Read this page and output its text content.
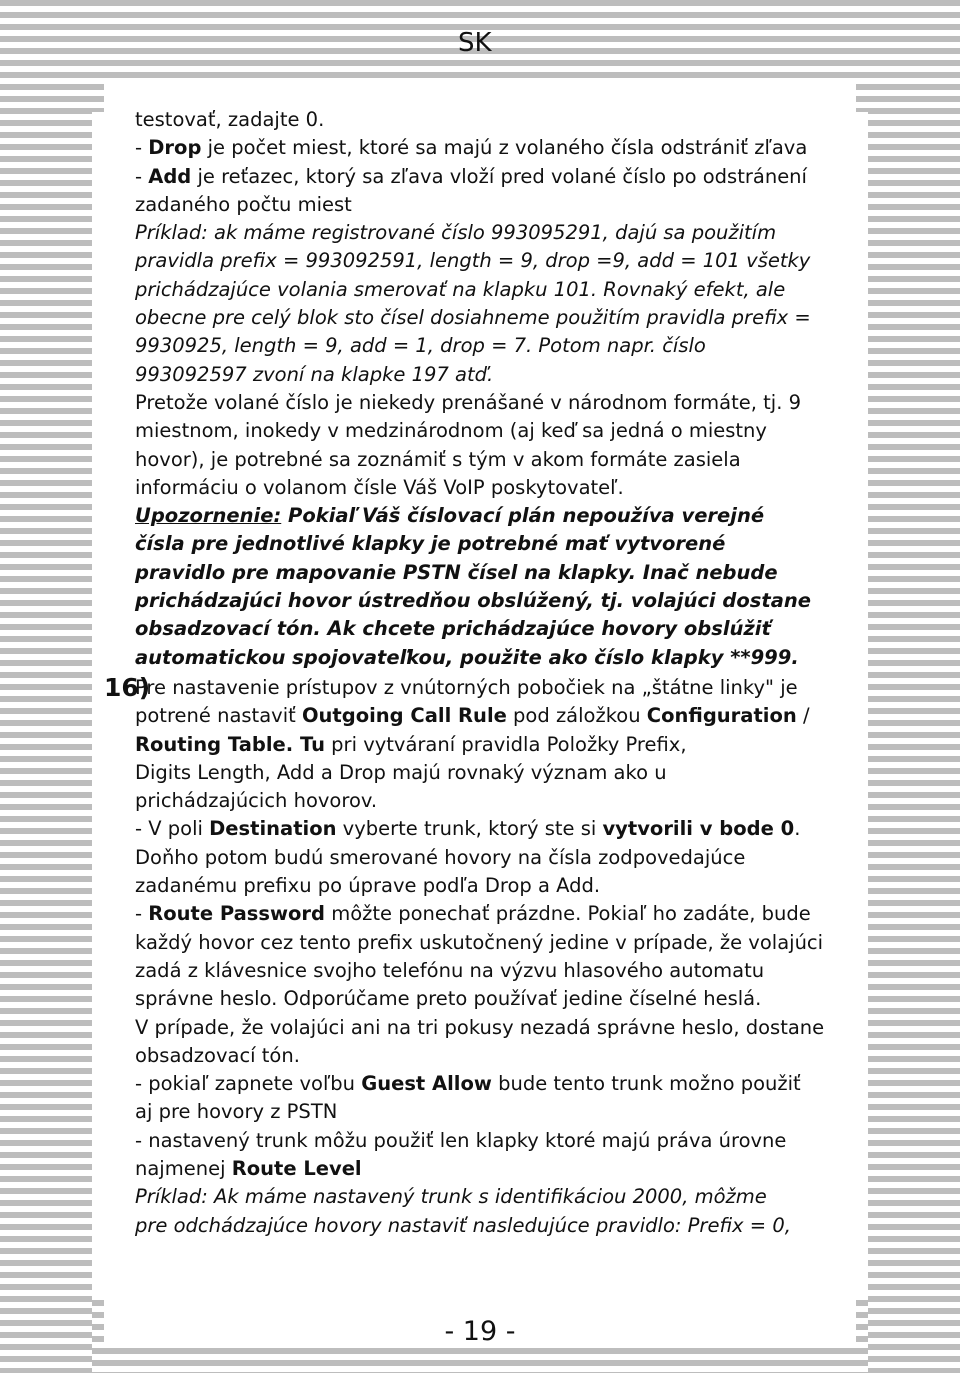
SK

testovať, zadajte 0.

- Drop je počet miest, ktoré sa majú z volaného čísla odstrániť zľava

- Add je reťazec, ktorý sa zľava vloží pred volané číslo po odstránení

zadaného počtu miest

Príklad: ak máme registrované číslo 993095291, dajú sa použitím

pravidla prefix = 993092591, length = 9, drop =9, add = 101 všetky

prichádzajúce volania smerovať na klapku 101. Rovnaký efekt, ale

obecne pre celý blok sto čísel dosiahneme použitím pravidla prefix =

9930925, length = 9, add = 1, drop = 7. Potom napr. číslo

993092597 zvoní na klapke 197 atď.

Pretože volané číslo je niekedy prenášané v národnom formáte, tj. 9

miestnom, inokedy v medzinárodnom (aj keď sa jedná o miestny

hovor), je potrebné sa zoznámiť s tým v akom formáte zasiela

informáciu o volanom čísle Váš VoIP poskytovateľ.

Upozornenie: Pokiaľ Váš číslovací plán nepoužíva verejné

čísla pre jednotlivé klapky je potrebné mať vytvorené

pravidlo pre mapovanie PSTN čísel na klapky. Inač nebude

prichádzajúci hovor ústredňou obslúžený, tj. volajúci dostane

obsadzovací tón. Ak chcete prichádzajúce hovory obslúžiť

automatickou spojovateľkou, použite ako číslo klapky **999.

16)
Pre nastavenie prístupov z vnútorných pobočiek na „štátne linky" je

potrené nastaviť Outgoing Call Rule pod záložkou Configuration /

Routing Table. Tu pri vytváraní pravidla Položky Prefix,

Digits Length, Add a Drop majú rovnaký význam ako u

prichádzajúcich hovorov.

- V poli Destination vyberte trunk, ktorý ste si vytvorili v bode 0.

Doňho potom budú smerované hovory na čísla zodpovedajúce

zadanému prefixu po úprave podľa Drop a Add.

- Route Password môžte ponechať prázdne. Pokiaľ ho zadáte, bude

každý hovor cez tento prefix uskutočnený jedine v prípade, že volajúci

zadá z klávesnice svojho telefónu na výzvu hlasového automatu

správne heslo. Odporúčame preto používať jedine číselné heslá.

V prípade, že volajúci ani na tri pokusy nezadá správne heslo, dostane

obsadzovací tón.

- pokiaľ zapnete voľbu Guest Allow bude tento trunk možno použiť

aj pre hovory z PSTN

- nastavený trunk môžu použiť len klapky ktoré majú práva úrovne

najmenej Route Level

Príklad: Ak máme nastavený trunk s identifikáciou 2000, môžme

pre odchádzajúce hovory nastaviť nasledujúce pravidlo: Prefix = 0,

- 19 -
